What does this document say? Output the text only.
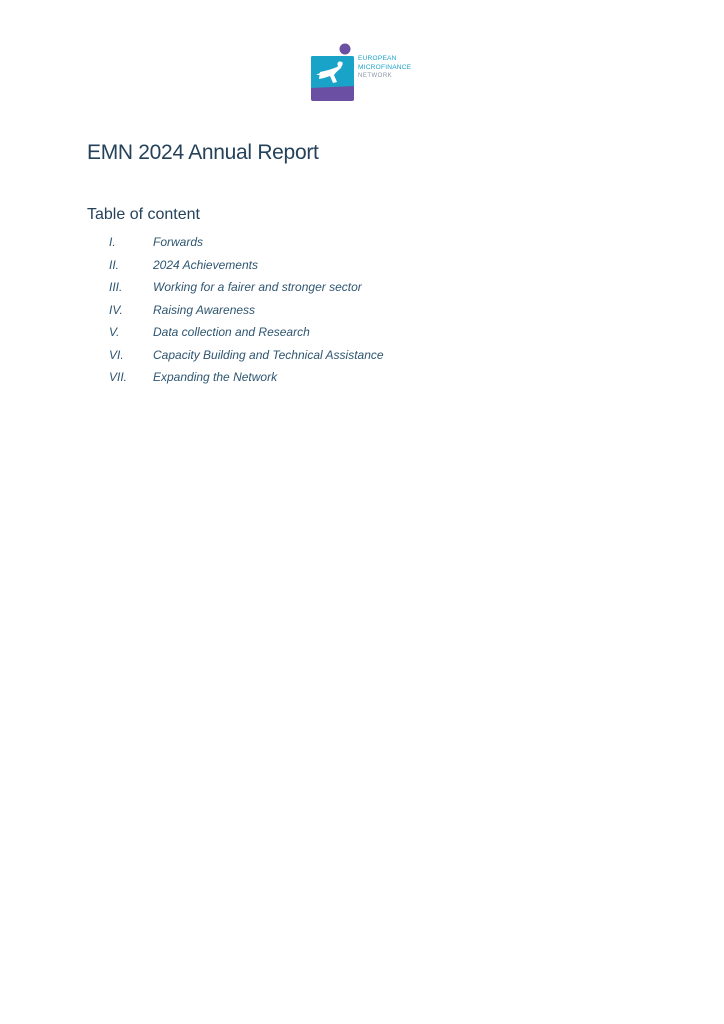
EUROPEAN
MICROFINANCE
NETWORK
EMN 2024 Annual Report
Table of content
I.	Forwards
II.	2024 Achievements
III.	Working for a fairer and stronger sector
IV.	Raising Awareness
V.	Data collection and Research
VI. Capacity Building and Technical Assistance
VII. Expanding the Network
